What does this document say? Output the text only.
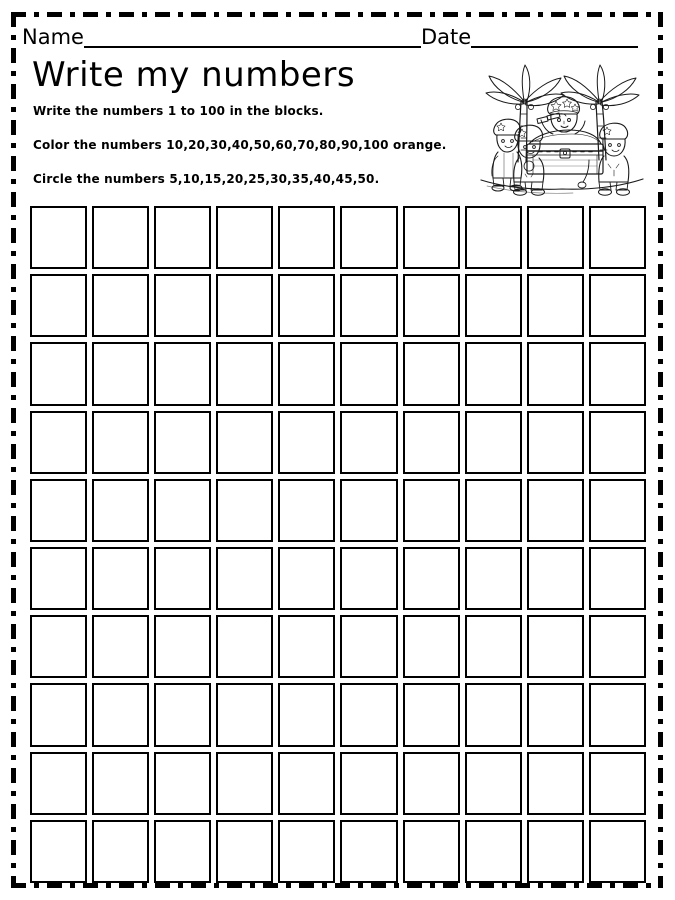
Name	Date
Write my numbers
Write the numbers 1 to 100 in the blocks.
Color the numbers 10,20,30,40,50,60,70,80,90,100 orange.
Circle the numbers 5,10,15,20,25,30,35,40,45,50.
